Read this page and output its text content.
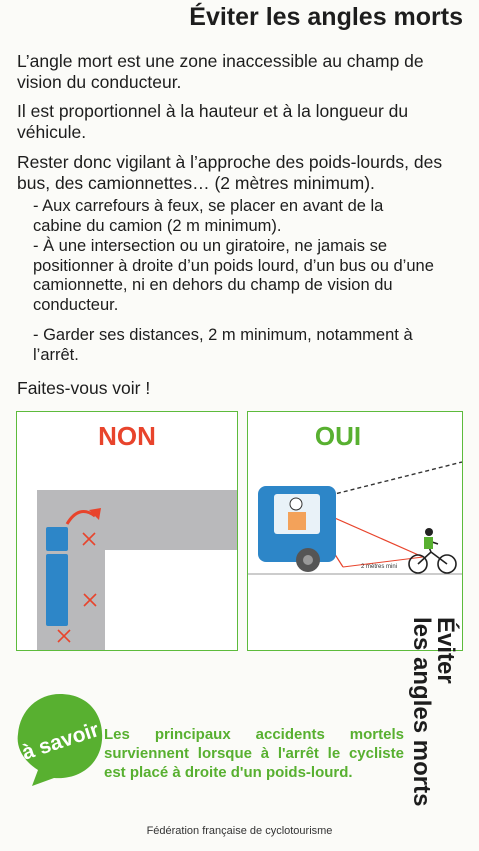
Éviter les angles morts

L’angle mort est une zone inaccessible au champ de vision du conducteur.

Il est proportionnel à la hauteur et à la longueur du véhicule.

Rester donc vigilant à l’approche des poids-lourds, des bus, des camionnettes… (2 mètres minimum).

- Aux carrefours à feux, se placer en avant de la cabine du camion (2 m minimum).

- À une intersection ou un giratoire, ne jamais se positionner à droite d’un poids lourd, d’un bus ou d’une camionnette, ni en dehors du champ de vision du conducteur.

- Garder ses distances, 2 m minimum, notamment à l’arrêt.

Faites-vous voir !

NON	OUI
2 mètres mini
à savoir Les principaux accidents mortels surviennent lorsque à l'arrêt le cycliste est placé à droite d'un poids-lourd.

Éviter
les angles morts
Fédération française de cyclotourisme
